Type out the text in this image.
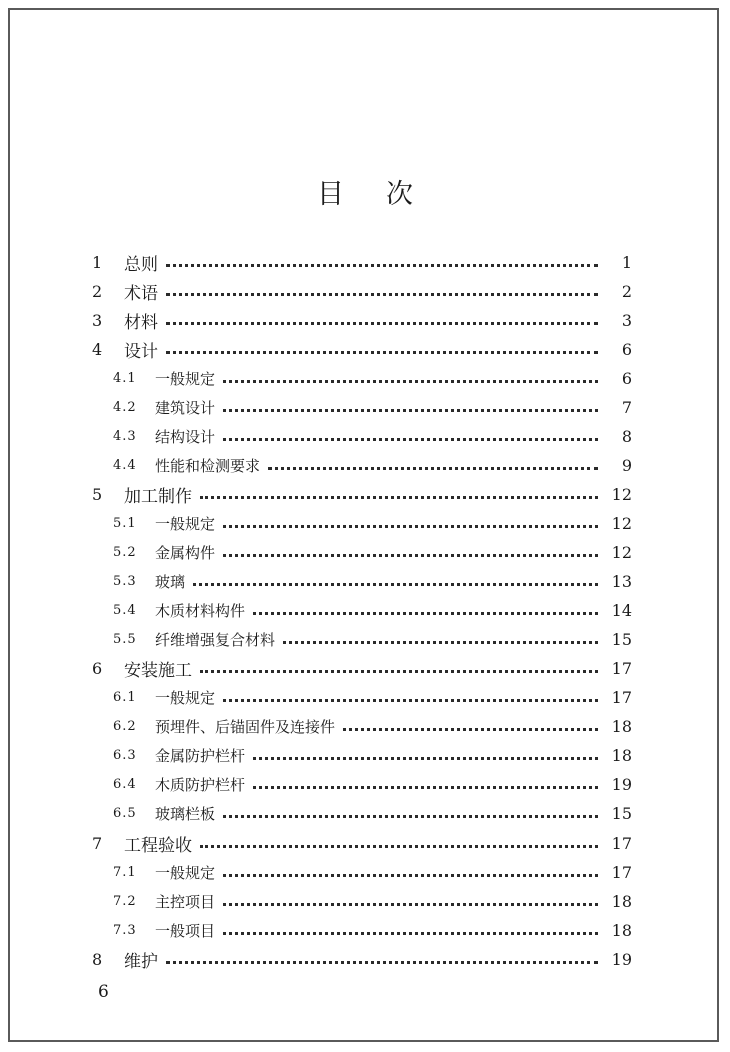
目 次
1	总则	1
2	术语	2
3	材料	3
4	设计	6
4.1	一般规定	6
4.2	建筑设计	7
4.3	结构设计	8
4.4	性能和检测要求	9
5	加工制作	12
5.1	一般规定	12
5.2	金属构件	12
5.3	玻璃	13
5.4	木质材料构件	14
5.5	纤维增强复合材料	15
6	安装施工	17
6.1	一般规定	17
6.2	预埋件、后锚固件及连接件	18
6.3	金属防护栏杆	18
6.4	木质防护栏杆	19
6.5	玻璃栏板	15
7	工程验收	17
7.1	一般规定	17
7.2	主控项目	18
7.3	一般项目	18
8	维护	19
6
